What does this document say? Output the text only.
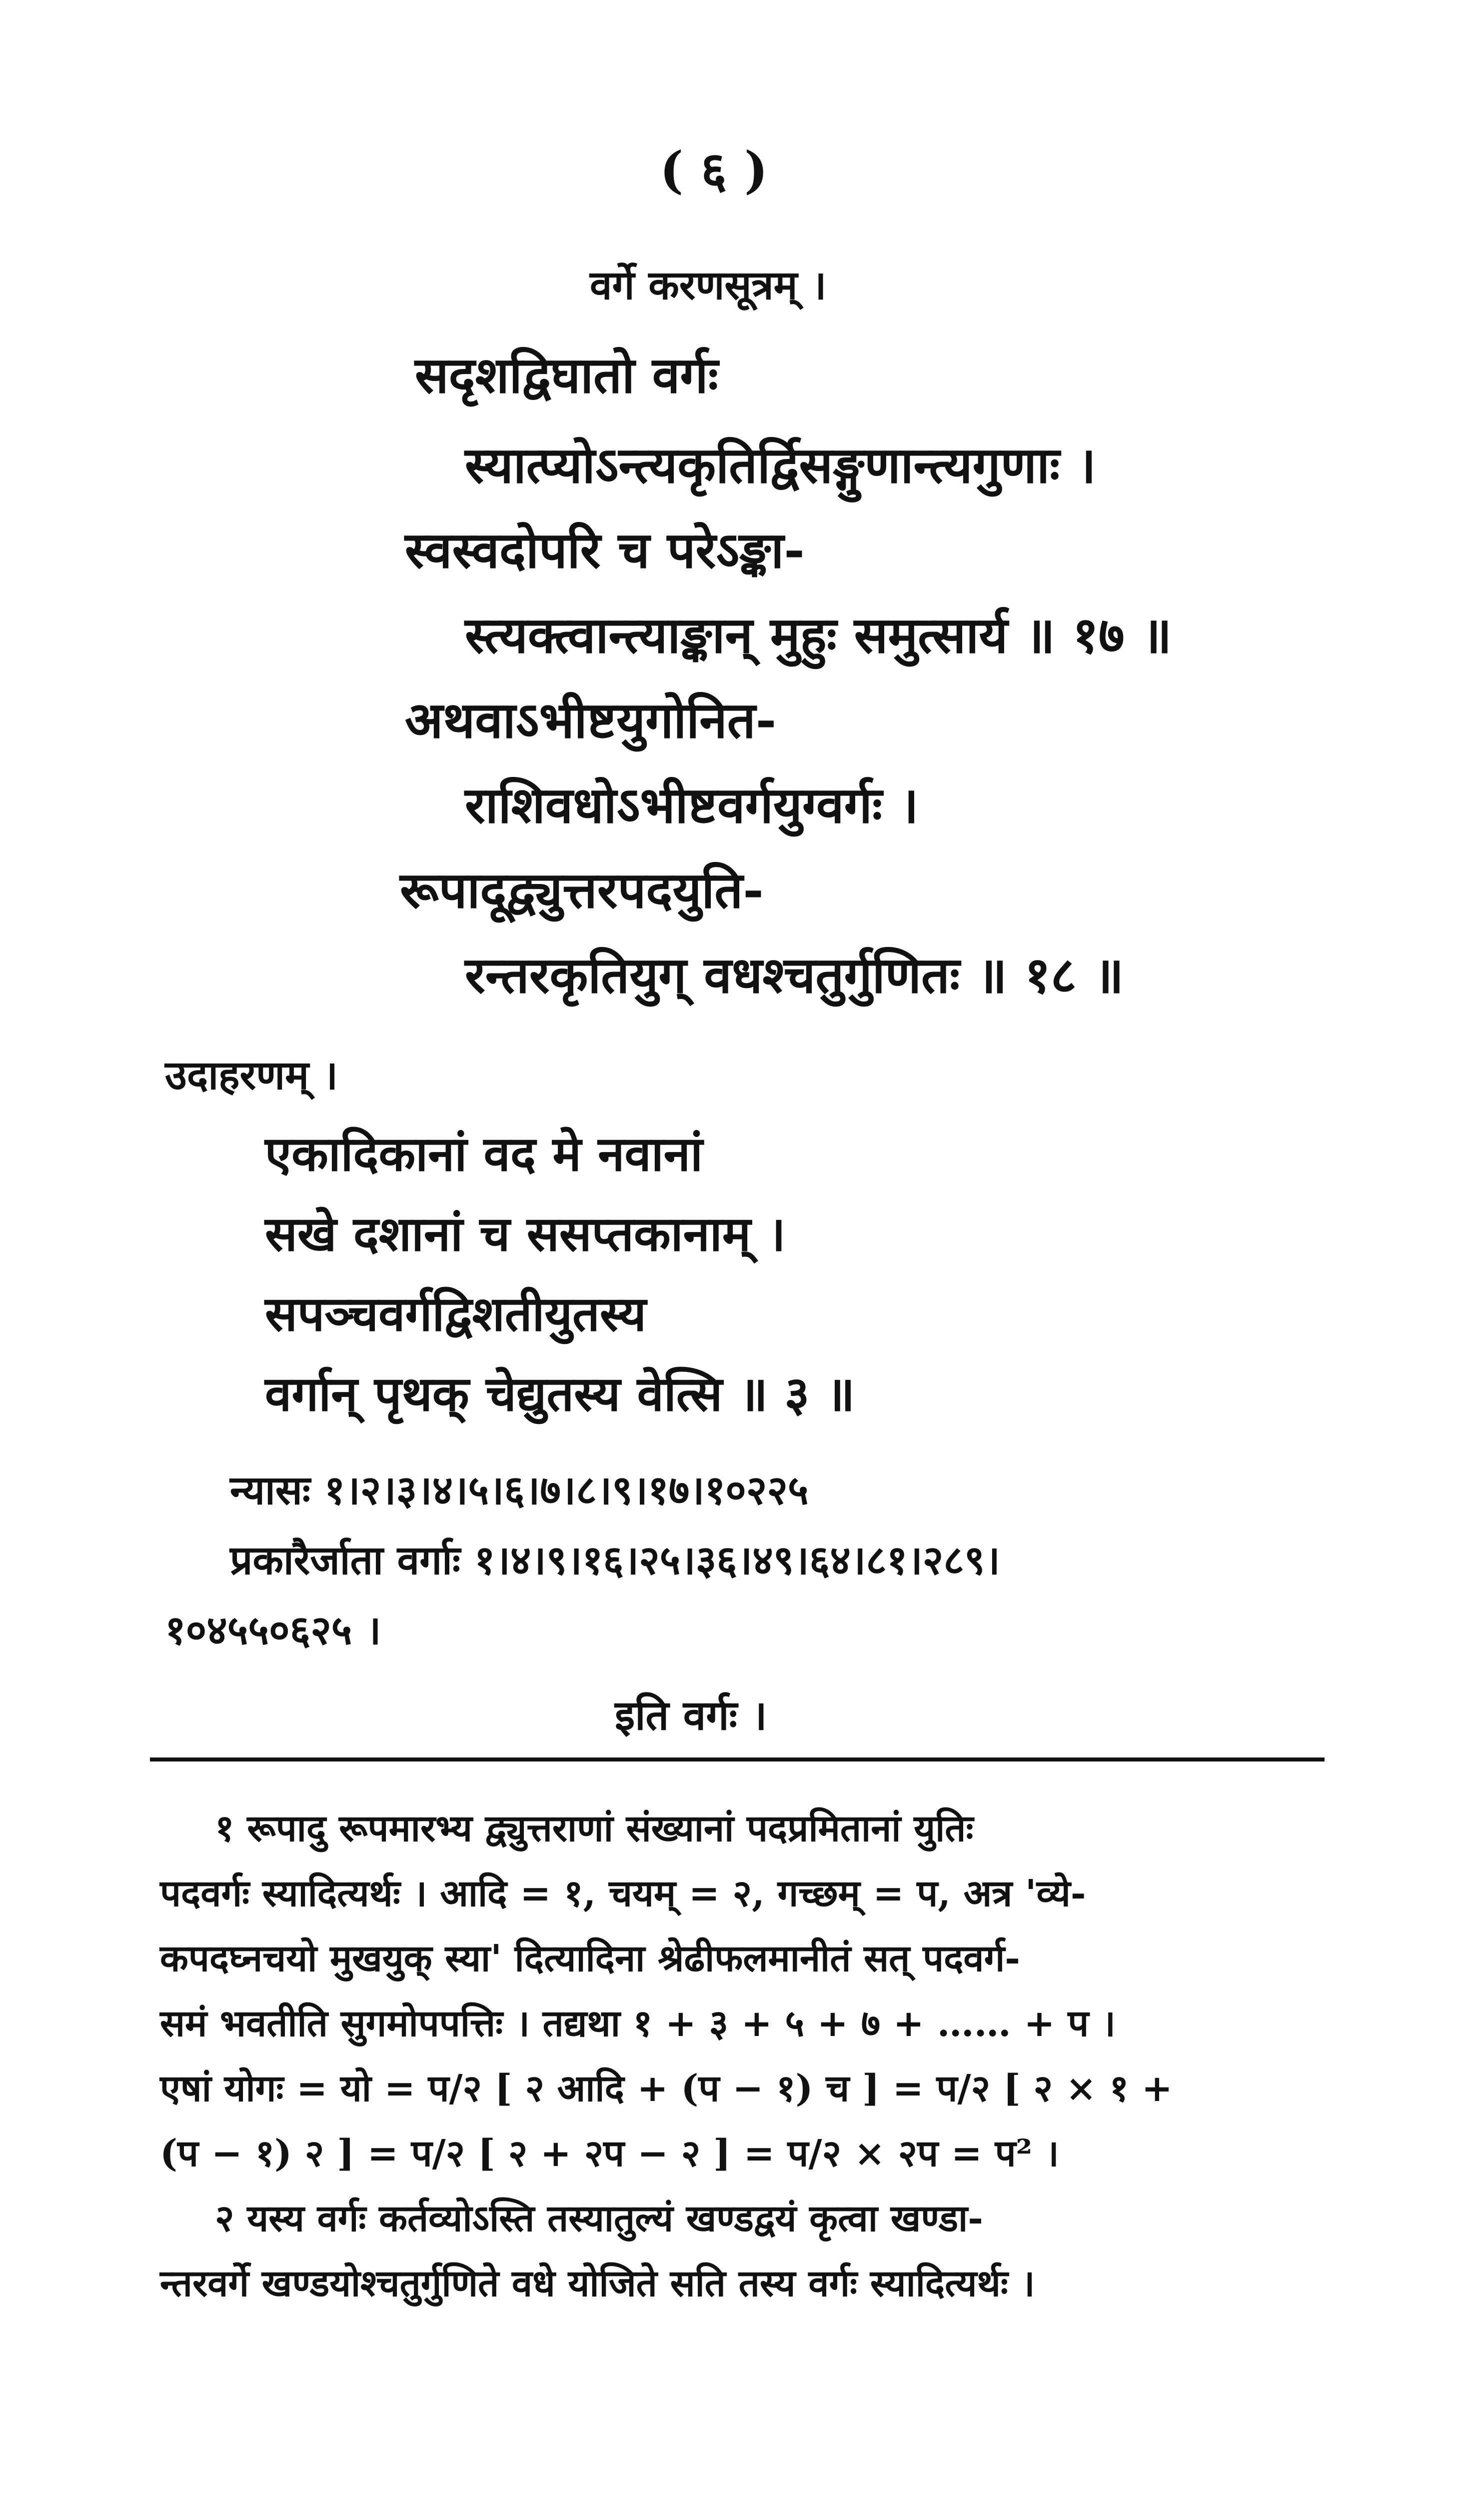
( ६ )
वर्गे करणसूत्रम् ।
सदृशद्विघातो वर्गः
स्यात्प्योऽन्त्यकृतिर्द्विसङ्गुणान्त्यगुणाः ।
स्वस्वदोपरि च परेऽङ्का-
स्त्यक्त्वान्त्याङ्कान् मुहुः समुत्सार्य ॥ १७ ॥
अथवाऽभीष्टयुगोनित-
राशिवधोऽभीष्टवर्गयुग्वर्गः ।
रूपादूद्व्युत्तरपदयुति-
रन्तरकृतियुग् वधश्चतुर्गुणितः ॥ १८ ॥
उदाहरणम् ।
एकादिकानां वद मे नवानां
सखे दशानां च ससप्तकानाम् ।
सपञ्चवर्गद्विशतीयुतस्य
वर्गान् पृथक् चेद्युतस्य वेत्सि ॥ ३ ॥
न्यासः १।२।३।४।५।६।७।८।९।१७।१०२२५
प्रकारैर्जाता वर्गाः १।४।९।१६।२५।३६।४९।६४।८१।२८९।
१०४५५०६२५ ।
इति वर्गः ।
१ रूपादु रूपमारभ्य द्व्युत्तराणां संख्यानां पदप्रमितानां युतिः
पदवर्गः स्यादित्यर्थः । आदि = १, चयम् = २, गच्छम् = प, अत्र 'व्ये-
कपदघ्नचयो मुखयुक् स्या' दित्यादिना श्रेढीफलमानीतं सत् पदवर्ग-
समं भवतीति सुगमोपपत्तिः । तद्यथा १ + ३ + ५ + ७ + …… + प ।
एषां योगः = यो = प/२ [ २ आदि + (प − १) च ] = प/२ [ २ × १ +
(प − १) २ ] = प/२ [ २ + २प − २ ] = प/२ × २प = प² ।
२ यस्य वर्गः कर्तव्योऽस्ति तस्यातुल्यं खण्डद्वयं कृत्वा खण्डा-
न्तरवर्गे खण्डयोश्चतुर्गुणिते वधे योजिते सति तस्य वर्गः स्यादित्यर्थः ।
